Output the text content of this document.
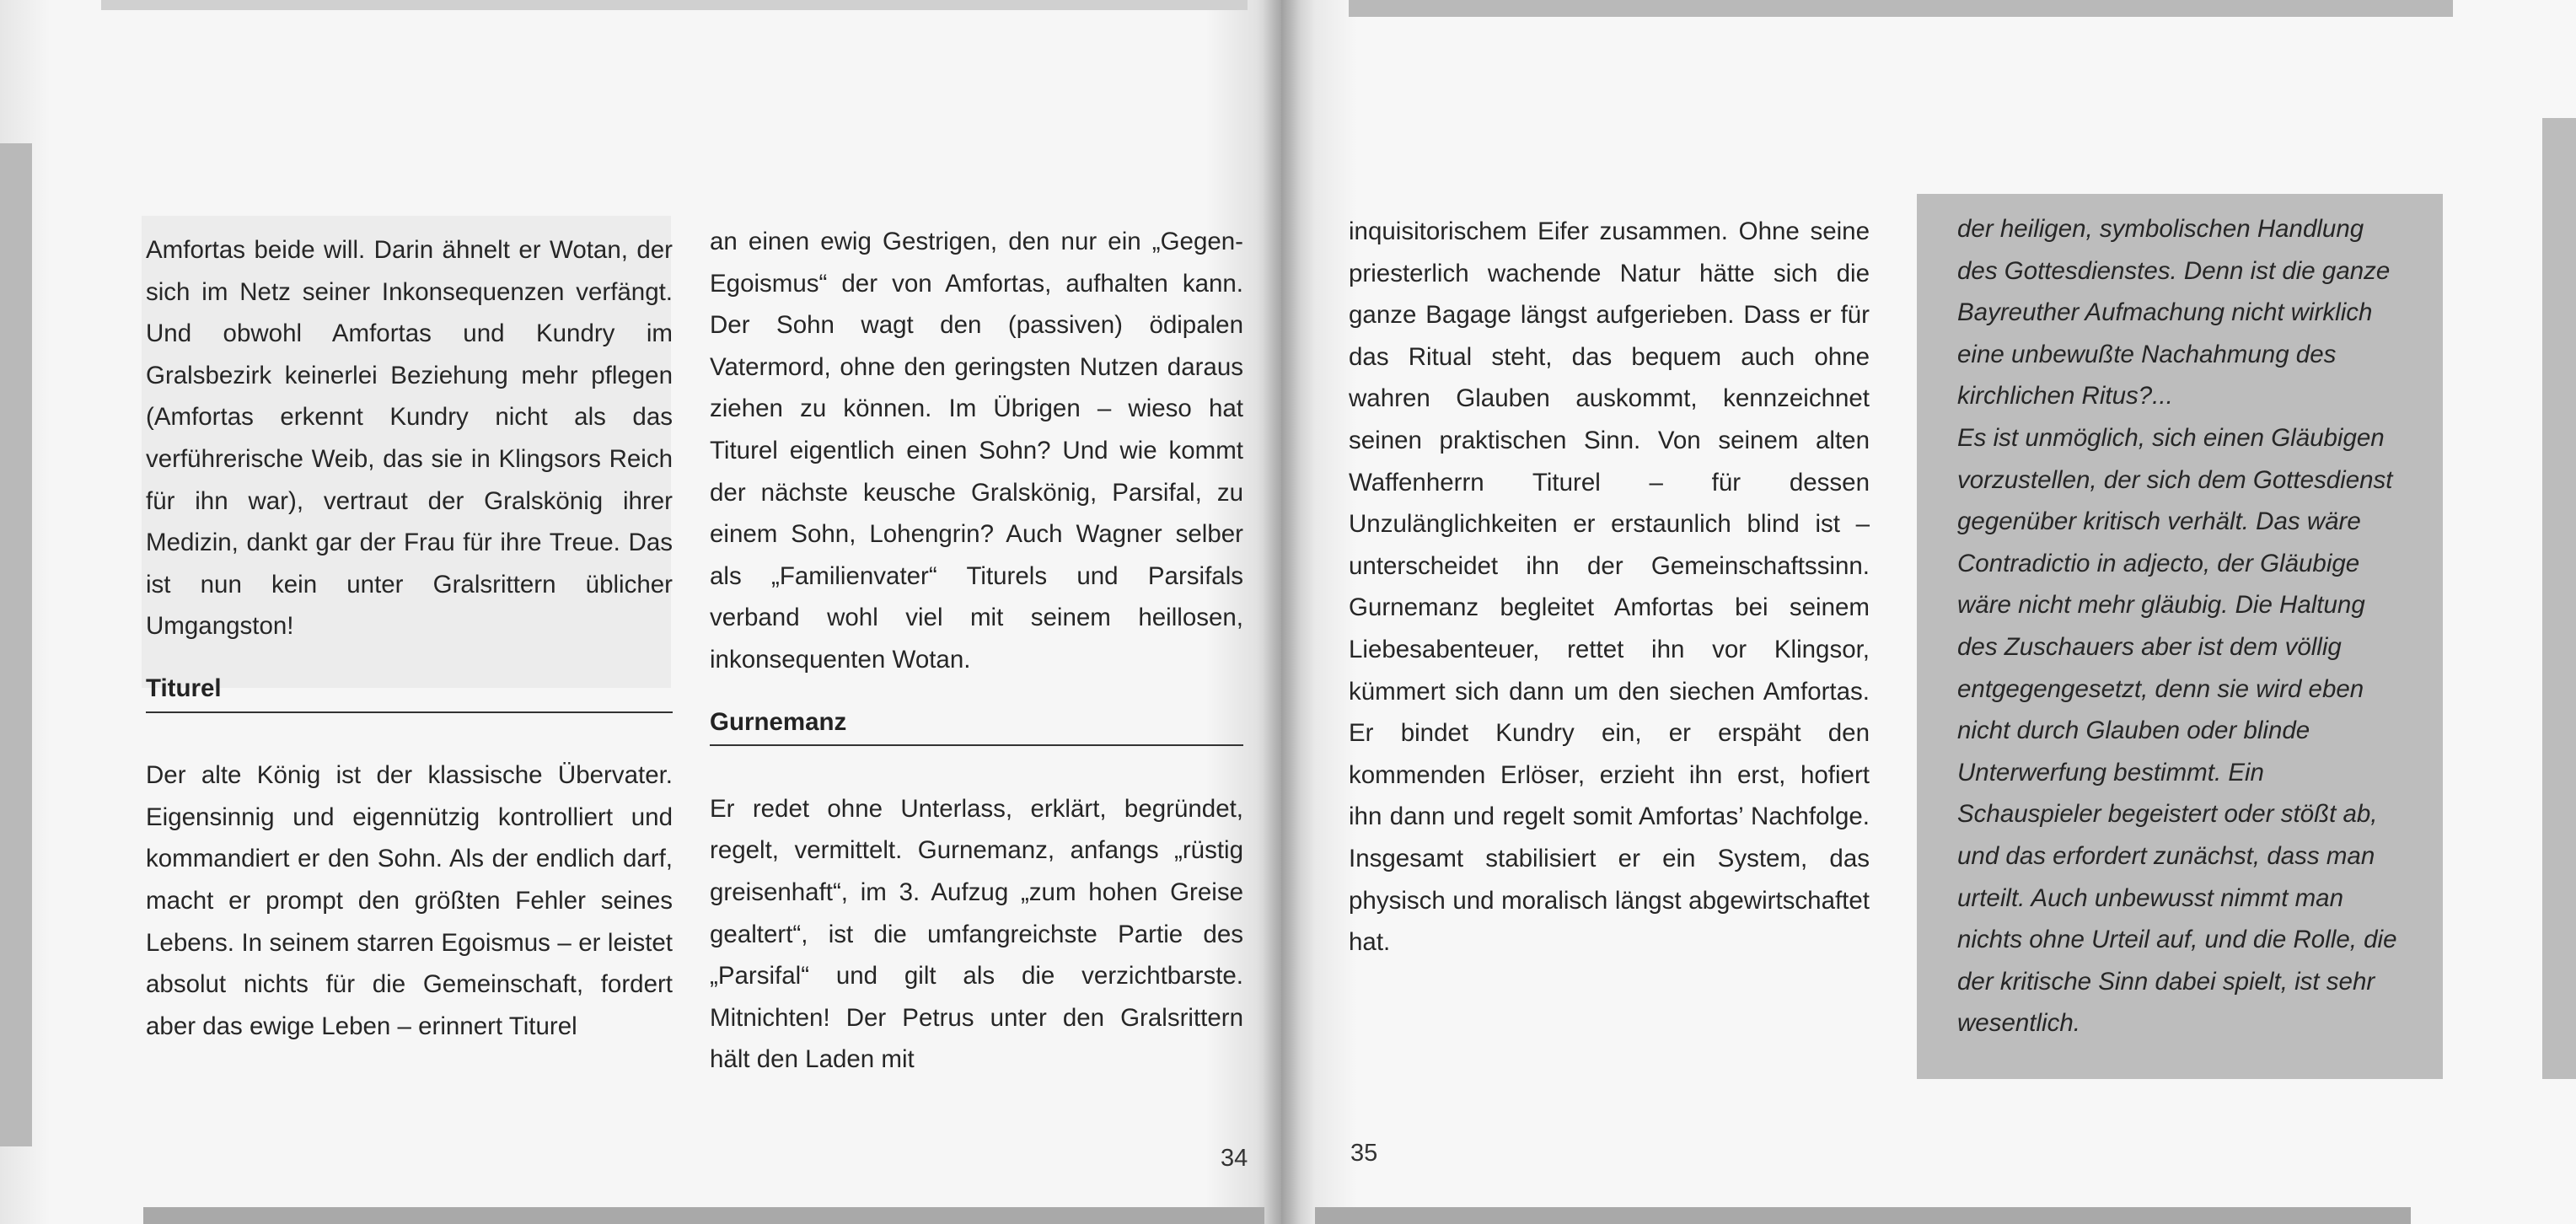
Amfortas beide will. Darin ähnelt er Wotan, der sich im Netz seiner Inkonsequenzen verfängt. Und obwohl Amfortas und Kundry im Gralsbezirk keinerlei Beziehung mehr pflegen (Amfortas erkennt Kundry nicht als das verführerische Weib, das sie in Klingsors Reich für ihn war), vertraut der Gralskönig ihrer Medizin, dankt gar der Frau für ihre Treue. Das ist nun kein unter Gralsrittern üblicher Umgangston!

Titurel

Der alte König ist der klassische Übervater. Eigensinnig und eigennützig kontrolliert und kommandiert er den Sohn. Als der endlich darf, macht er prompt den größten Fehler seines Lebens. In seinem starren Egoismus – er leistet absolut nichts für die Gemeinschaft, fordert aber das ewige Leben – erinnert Titurel

an einen ewig Gestrigen, den nur ein „Gegen-Egoismus“ der von Amfortas, aufhalten kann. Der Sohn wagt den (passiven) ödipalen Vatermord, ohne den geringsten Nutzen daraus ziehen zu können. Im Übrigen – wieso hat Titurel eigentlich einen Sohn? Und wie kommt der nächste keusche Gralskönig, Parsifal, zu einem Sohn, Lohengrin? Auch Wagner selber als „Familienvater“ Titurels und Parsifals verband wohl viel mit seinem heillosen, inkonsequenten Wotan.

Gurnemanz

Er redet ohne Unterlass, erklärt, begründet, regelt, vermittelt. Gurnemanz, anfangs „rüstig greisenhaft“, im 3. Aufzug „zum hohen Greise gealtert“, ist die umfangreichste Partie des „Parsifal“ und gilt als die verzichtbarste. Mitnichten! Der Petrus unter den Gralsrittern hält den Laden mit

34

inquisitorischem Eifer zusammen. Ohne seine priesterlich wachende Natur hätte sich die ganze Bagage längst aufgerieben. Dass er für das Ritual steht, das bequem auch ohne wahren Glauben auskommt, kennzeichnet seinen praktischen Sinn. Von seinem alten Waffenherrn Titurel – für dessen Unzulänglichkeiten er erstaunlich blind ist – unterscheidet ihn der Gemeinschaftssinn. Gurnemanz begleitet Amfortas bei seinem Liebesabenteuer, rettet ihn vor Klingsor, kümmert sich dann um den siechen Amfortas. Er bindet Kundry ein, er erspäht den kommenden Erlöser, erzieht ihn erst, hofiert ihn dann und regelt somit Amfortas’ Nachfolge. Insgesamt stabilisiert er ein System, das physisch und moralisch längst abgewirtschaftet hat.

der heiligen, symbolischen Handlung des Gottesdienstes. Denn ist die ganze Bayreuther Aufmachung nicht wirklich eine unbewußte Nachahmung des kirchlichen Ritus?...

Es ist unmöglich, sich einen Gläubigen vorzustellen, der sich dem Gottesdienst gegenüber kritisch verhält. Das wäre Contradictio in adjecto, der Gläubige wäre nicht mehr gläubig. Die Haltung des Zuschauers aber ist dem völlig entgegengesetzt, denn sie wird eben nicht durch Glauben oder blinde Unterwerfung bestimmt. Ein Schauspieler begeistert oder stößt ab, und das erfordert zunächst, dass man urteilt. Auch unbewusst nimmt man nichts ohne Urteil auf, und die Rolle, die der kritische Sinn dabei spielt, ist sehr wesentlich.

35
